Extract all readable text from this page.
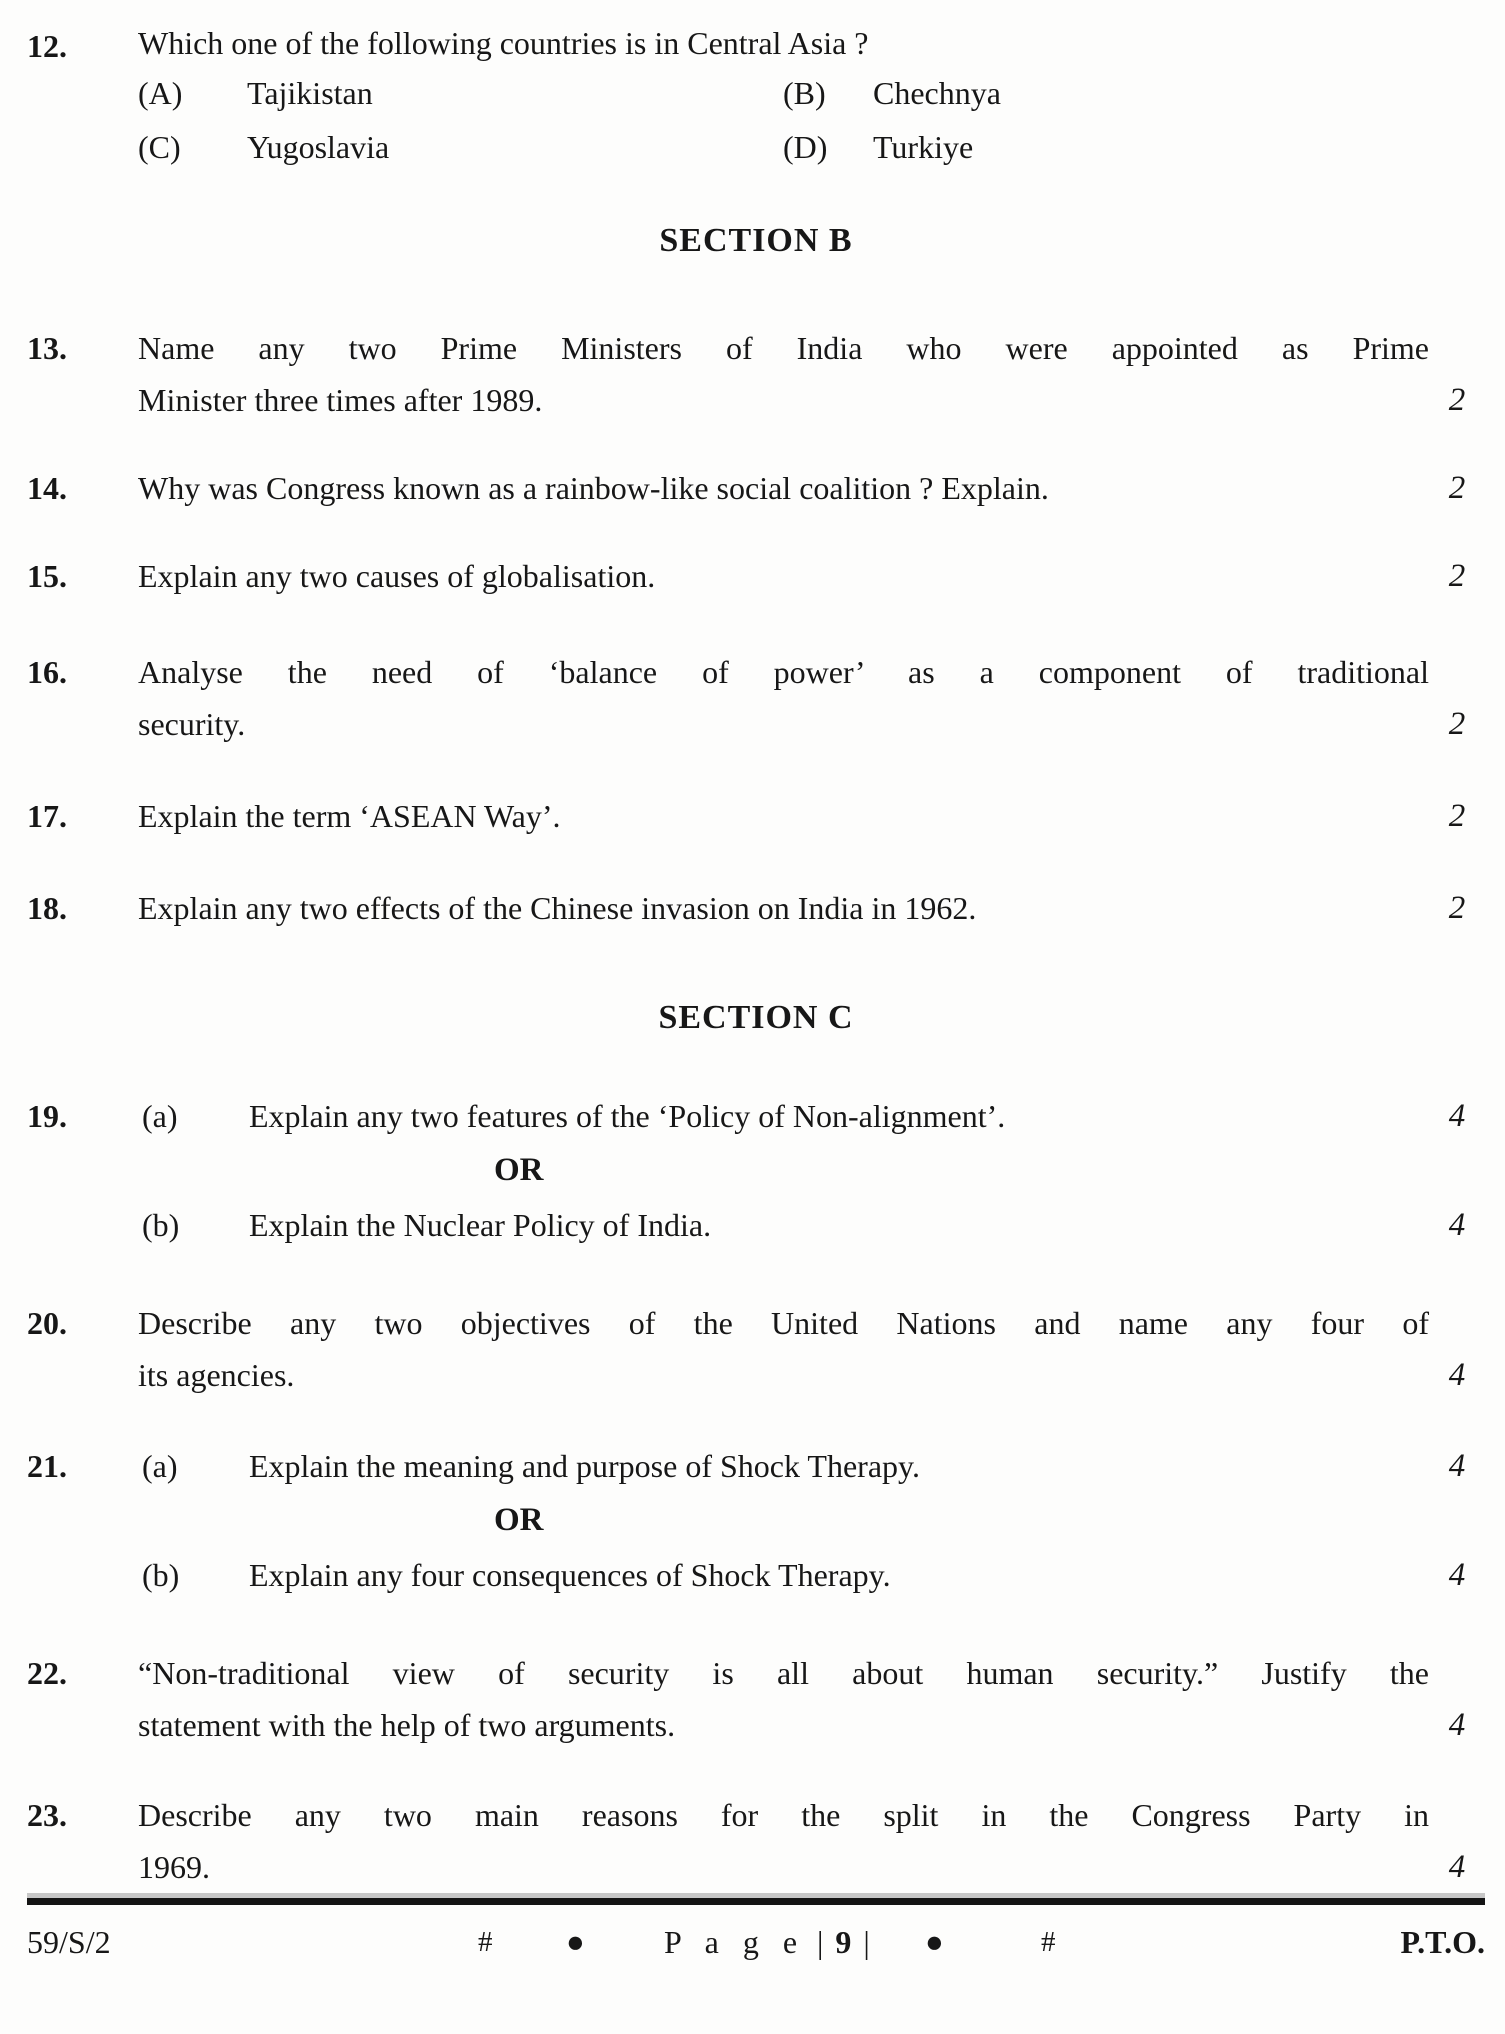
12.	Which one of the following countries is in Central Asia ?
(A)	Tajikistan	(B)	Chechnya
(C)	Yugoslavia	(D)	Turkiye
SECTION B
13.	Name any two Prime Ministers of India who were appointed as Prime
Minister three times after 1989.	2
14.	Why was Congress known as a rainbow-like social coalition ? Explain.	2
15.	Explain any two causes of globalisation.	2
16.	Analyse the need of ‘balance of power’ as a component of traditional
security.	2
17.	Explain the term ‘ASEAN Way’.	2
18.	Explain any two effects of the Chinese invasion on India in 1962.	2
SECTION C
19.	(a)	Explain any two features of the ‘Policy of Non-alignment’.	4
OR
(b)	Explain the Nuclear Policy of India.	4
20.	Describe any two objectives of the United Nations and name any four of
its agencies.	4
21.	(a)	Explain the meaning and purpose of Shock Therapy.	4
OR
(b)	Explain any four consequences of Shock Therapy.	4
22.	“Non-traditional view of security is all about human security.” Justify the
statement with the help of two arguments.	4
23.	Describe any two main reasons for the split in the Congress Party in
1969.	4
59/S/2	# ● P a g e | 9 |	●	#	P.T.O.
